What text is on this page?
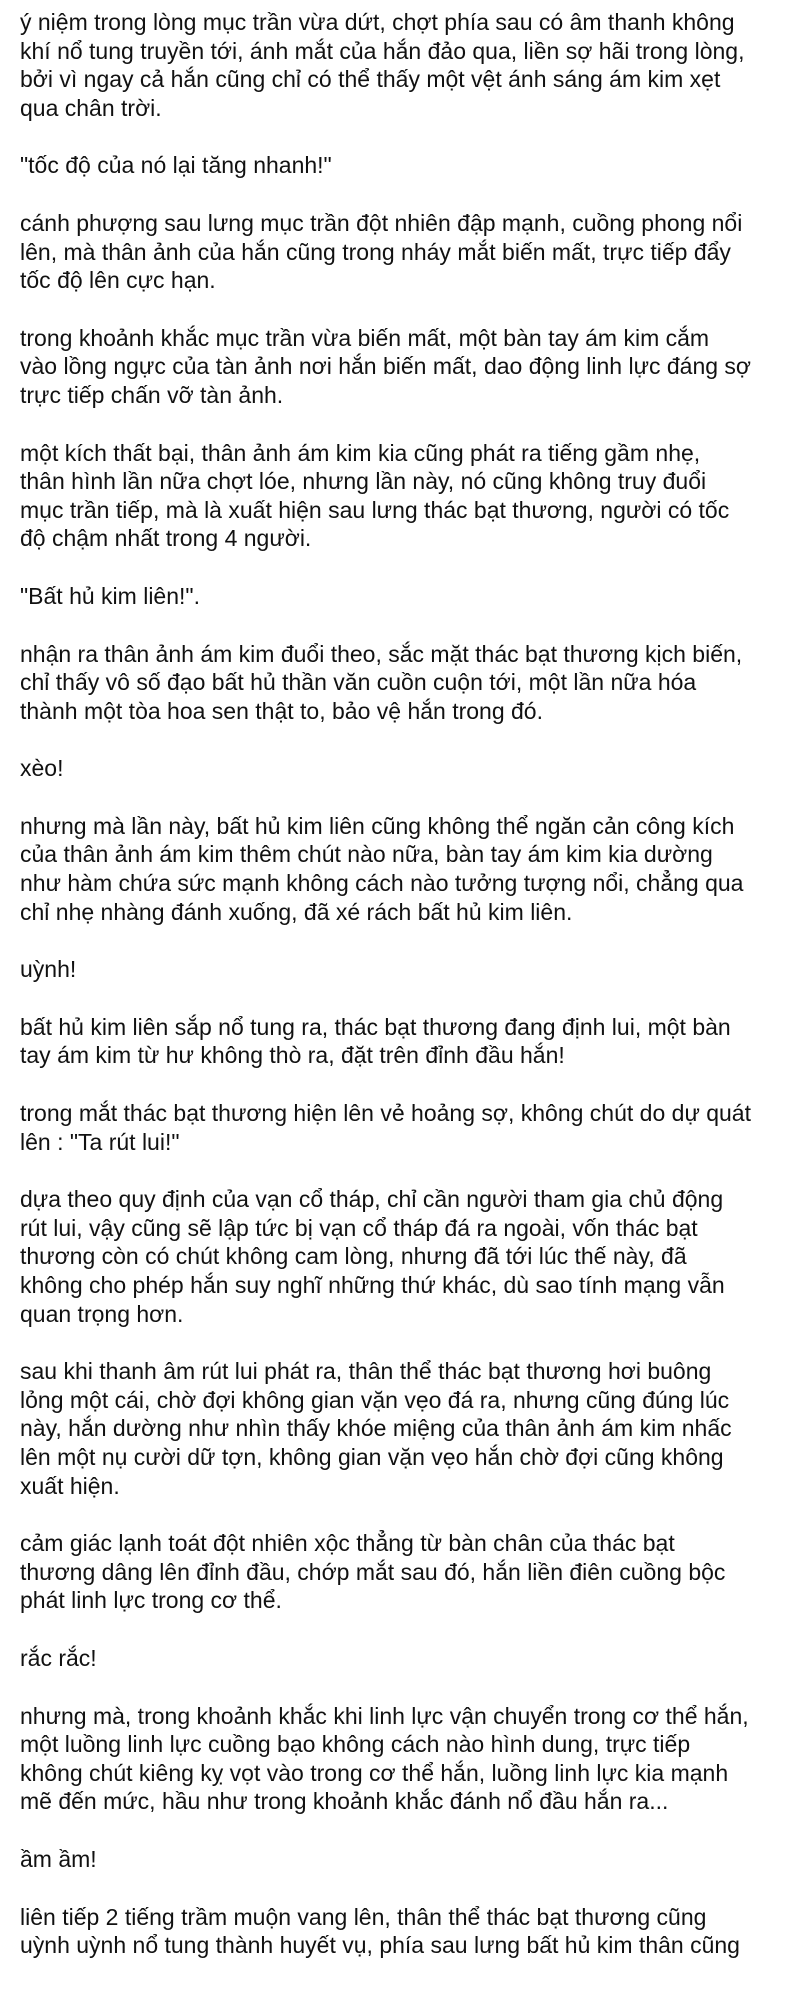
ý niệm trong lòng mục trần vừa dứt, chợt phía sau có âm thanh không
khí nổ tung truyền tới, ánh mắt của hắn đảo qua, liền sợ hãi trong lòng,
bởi vì ngay cả hắn cũng chỉ có thể thấy một vệt ánh sáng ám kim xẹt
qua chân trời.

"tốc độ của nó lại tăng nhanh!"

cánh phượng sau lưng mục trần đột nhiên đập mạnh, cuồng phong nổi
lên, mà thân ảnh của hắn cũng trong nháy mắt biến mất, trực tiếp đẩy
tốc độ lên cực hạn.

trong khoảnh khắc mục trần vừa biến mất, một bàn tay ám kim cắm
vào lồng ngực của tàn ảnh nơi hắn biến mất, dao động linh lực đáng sợ
trực tiếp chấn vỡ tàn ảnh.

một kích thất bại, thân ảnh ám kim kia cũng phát ra tiếng gầm nhẹ,
thân hình lần nữa chợt lóe, nhưng lần này, nó cũng không truy đuổi
mục trần tiếp, mà là xuất hiện sau lưng thác bạt thương, người có tốc
độ chậm nhất trong 4 người.

"Bất hủ kim liên!".

nhận ra thân ảnh ám kim đuổi theo, sắc mặt thác bạt thương kịch biến,
chỉ thấy vô số đạo bất hủ thần văn cuồn cuộn tới, một lần nữa hóa
thành một tòa hoa sen thật to, bảo vệ hắn trong đó.

xèo!

nhưng mà lần này, bất hủ kim liên cũng không thể ngăn cản công kích
của thân ảnh ám kim thêm chút nào nữa, bàn tay ám kim kia dường
như hàm chứa sức mạnh không cách nào tưởng tượng nổi, chẳng qua
chỉ nhẹ nhàng đánh xuống, đã xé rách bất hủ kim liên.

uỳnh!

bất hủ kim liên sắp nổ tung ra, thác bạt thương đang định lui, một bàn
tay ám kim từ hư không thò ra, đặt trên đỉnh đầu hắn!

trong mắt thác bạt thương hiện lên vẻ hoảng sợ, không chút do dự quát
lên : "Ta rút lui!"

dựa theo quy định của vạn cổ tháp, chỉ cần người tham gia chủ động
rút lui, vậy cũng sẽ lập tức bị vạn cổ tháp đá ra ngoài, vốn thác bạt
thương còn có chút không cam lòng, nhưng đã tới lúc thế này, đã
không cho phép hắn suy nghĩ những thứ khác, dù sao tính mạng vẫn
quan trọng hơn.

sau khi thanh âm rút lui phát ra, thân thể thác bạt thương hơi buông
lỏng một cái, chờ đợi không gian vặn vẹo đá ra, nhưng cũng đúng lúc
này, hắn dường như nhìn thấy khóe miệng của thân ảnh ám kim nhấc
lên một nụ cười dữ tợn, không gian vặn vẹo hắn chờ đợi cũng không
xuất hiện.

cảm giác lạnh toát đột nhiên xộc thẳng từ bàn chân của thác bạt
thương dâng lên đỉnh đầu, chớp mắt sau đó, hắn liền điên cuồng bộc
phát linh lực trong cơ thể.

rắc rắc!

nhưng mà, trong khoảnh khắc khi linh lực vận chuyển trong cơ thể hắn,
một luồng linh lực cuồng bạo không cách nào hình dung, trực tiếp
không chút kiêng kỵ vọt vào trong cơ thể hắn, luồng linh lực kia mạnh
mẽ đến mức, hầu như trong khoảnh khắc đánh nổ đầu hắn ra...

ầm ầm!

liên tiếp 2 tiếng trầm muộn vang lên, thân thể thác bạt thương cũng
uỳnh uỳnh nổ tung thành huyết vụ, phía sau lưng bất hủ kim thân cũng
